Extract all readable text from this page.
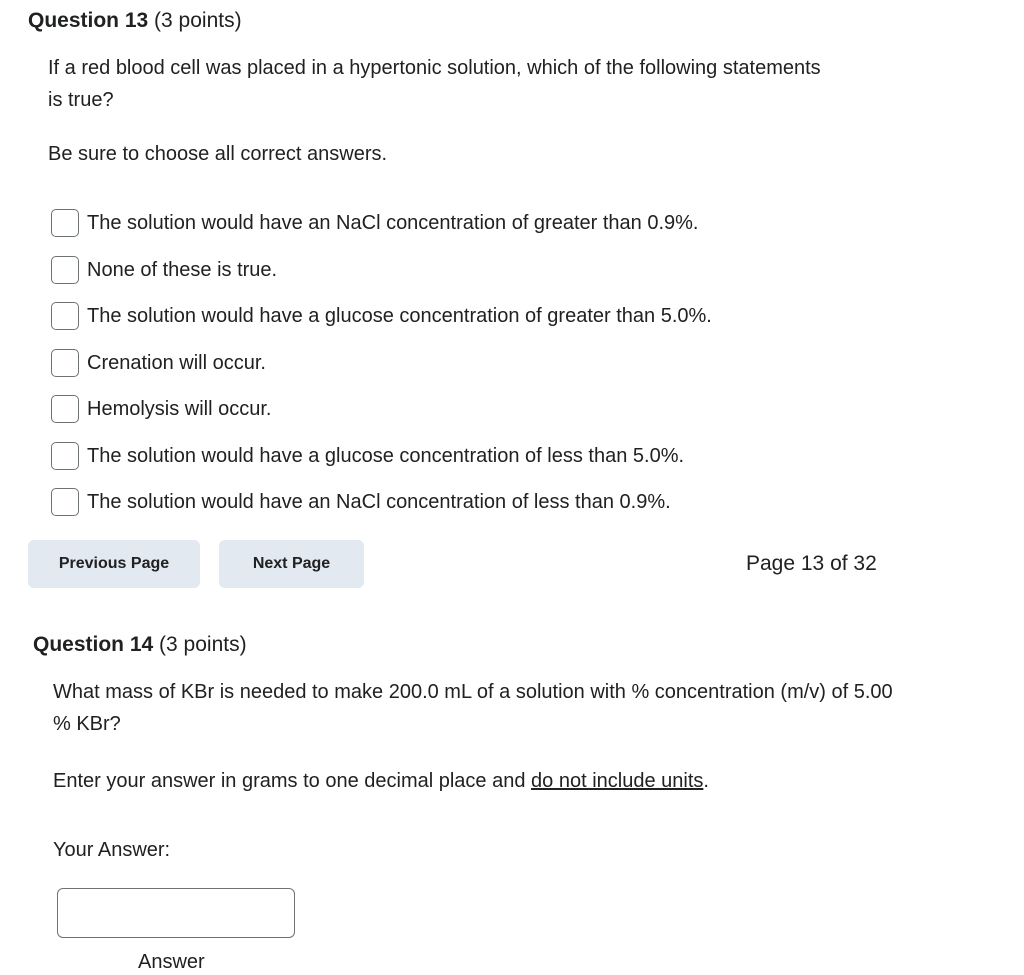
Question 13 (3 points)
If a red blood cell was placed in a hypertonic solution, which of the following statements is true?
Be sure to choose all correct answers.
The solution would have an NaCl concentration of greater than 0.9%.
None of these is true.
The solution would have a glucose concentration of greater than 5.0%.
Crenation will occur.
Hemolysis will occur.
The solution would have a glucose concentration of less than 5.0%.
The solution would have an NaCl concentration of less than 0.9%.
Previous Page	Next Page	Page 13 of 32
Question 14 (3 points)
What mass of KBr is needed to make 200.0 mL of a solution with % concentration (m/v) of 5.00 % KBr?
Enter your answer in grams to one decimal place and do not include units.
Your Answer:
Answer
